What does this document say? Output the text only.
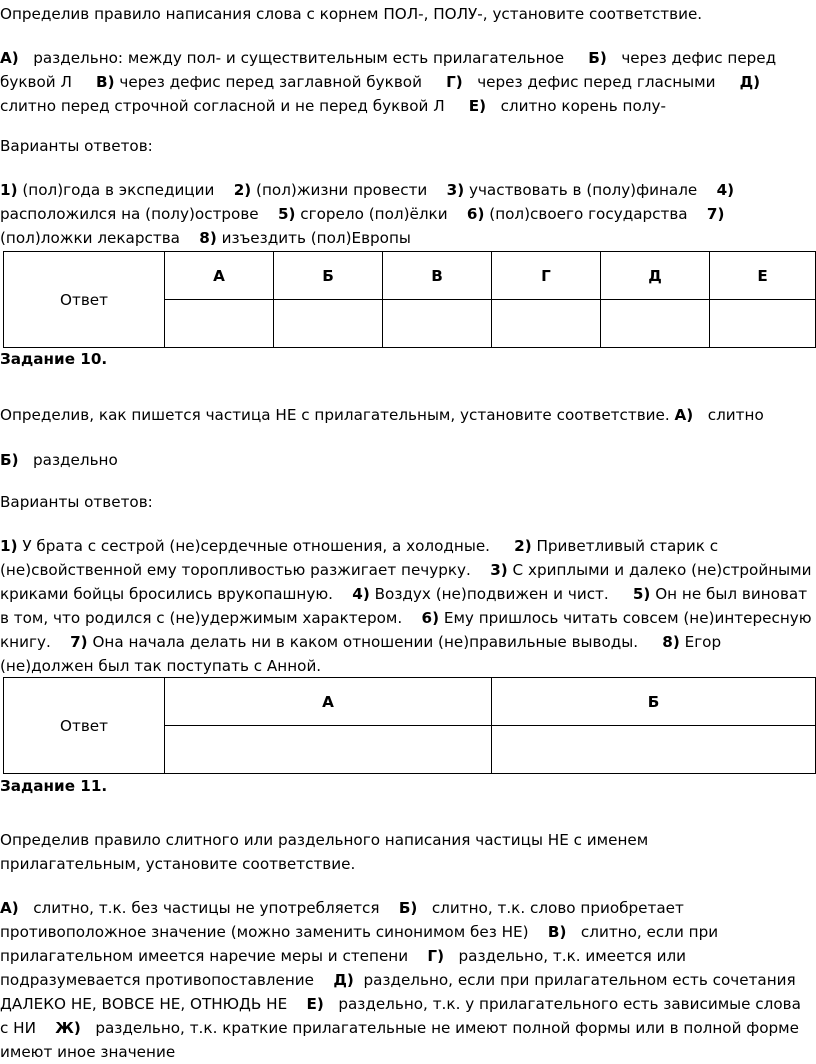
Определив правило написания слова с корнем ПОЛ-, ПОЛУ-, установите соответствие.

А) раздельно: между пол- и существительным есть прилагательное Б) через дефис перед буквой Л В) через дефис перед заглавной буквой Г) через дефис перед гласными Д)  слитно перед строчной согласной и не перед буквой Л Е) слитно корень полу-

Варианты ответов:

1) (пол)года в экспедиции 2) (пол)жизни провести 3) участвовать в (полу)финале 4) расположился на (полу)острове 5) сгорело (пол)ёлки 6) (пол)своего государства 7) (пол)ложки лекарства 8) изъездить (пол)Европы

Ответ	А	Б	В	Г	Д	Е

Задание 10.

Определив, как пишется частица НЕ с прилагательным, установите соответствие. А) слитно

Б) раздельно

Варианты ответов:

1) У брата с сестрой (не)сердечные отношения, а холодные. 2) Приветливый старик с (не)свойственной ему торопливостью разжигает печурку. 3) С хриплыми и далеко (не)стройными криками бойцы бросились врукопашную. 4) Воздух (не)подвижен и чист. 5) Он не был виноват в том, что родился с (не)удержимым характером. 6) Ему пришлось читать совсем (не)интересную книгу. 7) Она начала делать ни в каком отношении (не)правильные выводы. 8) Егор (не)должен был так поступать с Анной.

Ответ	А	Б

Задание 11.

Определив правило слитного или раздельного написания частицы НЕ с именем прилагательным, установите соответствие.

А) слитно, т.к. без частицы не употребляется Б) слитно, т.к. слово приобретает противоположное значение (можно заменить синонимом без НЕ) В) слитно, если при прилагательном имеется наречие меры и степени Г) раздельно, т.к. имеется или подразумевается противопоставление Д) раздельно, если при прилагательном есть сочетания ДАЛЕКО НЕ, ВОВСЕ НЕ, ОТНЮДЬ НЕ Е) раздельно, т.к. у прилагательного есть зависимые слова с НИ Ж) раздельно, т.к. краткие прилагательные не имеют полной формы или в полной форме имеют иное значение
